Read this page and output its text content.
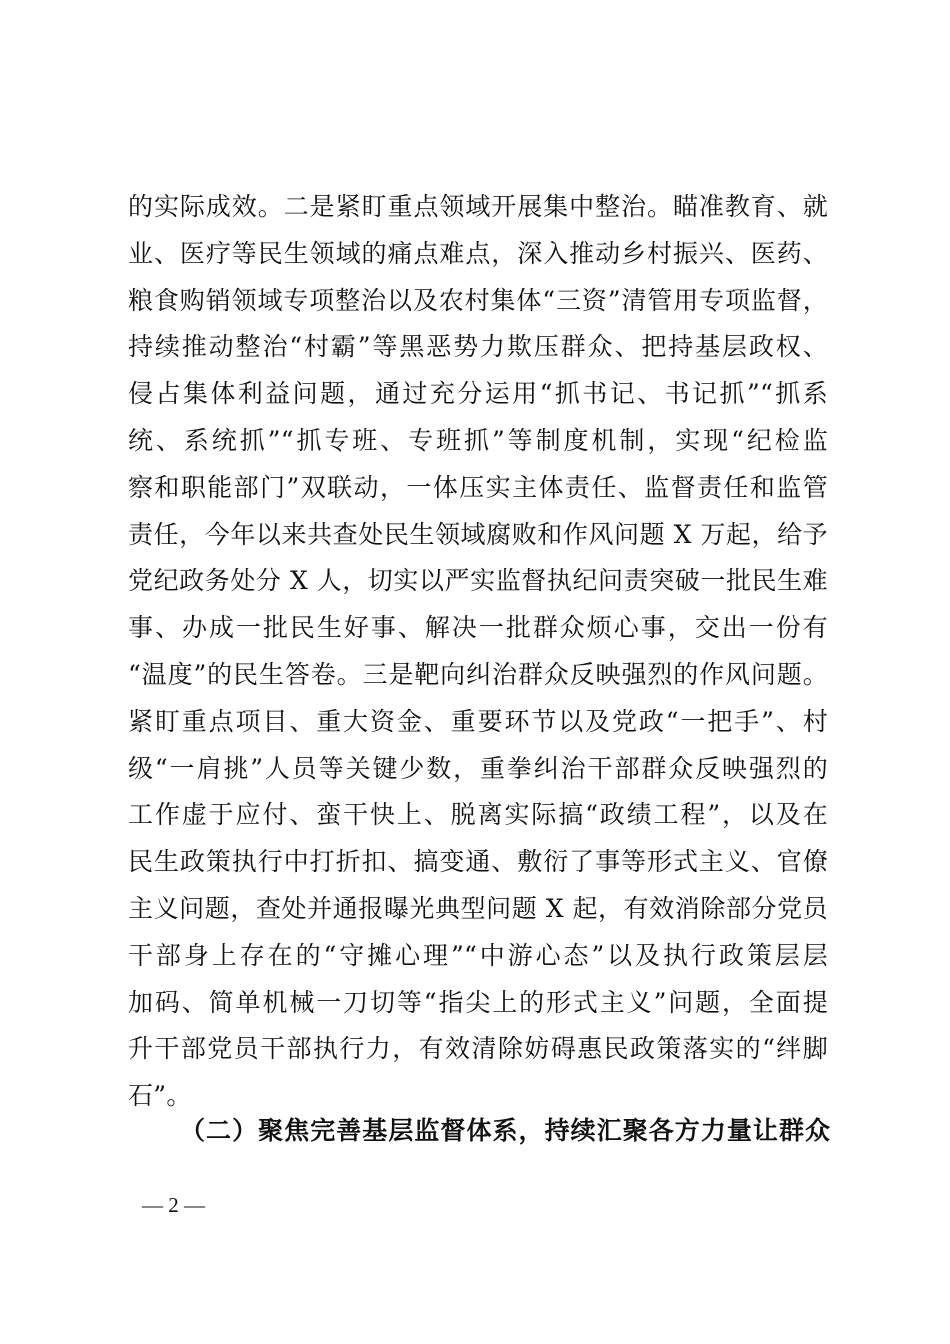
的实际成效。二是紧盯重点领域开展集中整治。瞄准教育、就
业、医疗等民生领域的痛点难点，深入推动乡村振兴、医药、
粮食购销领域专项整治以及农村集体“三资”清管用专项监督，
持续推动整治“村霸”等黑恶势力欺压群众、把持基层政权、
侵占集体利益问题，通过充分运用“抓书记、书记抓”“抓系
统、系统抓”“抓专班、专班抓”等制度机制，实现“纪检监
察和职能部门”双联动，一体压实主体责任、监督责任和监管
责任，今年以来共查处民生领域腐败和作风问题 X 万起，给予
党纪政务处分 X 人，切实以严实监督执纪问责突破一批民生难
事、办成一批民生好事、解决一批群众烦心事，交出一份有
“温度”的民生答卷。三是靶向纠治群众反映强烈的作风问题。
紧盯重点项目、重大资金、重要环节以及党政“一把手”、村
级“一肩挑”人员等关键少数，重拳纠治干部群众反映强烈的
工作虚于应付、蛮干快上、脱离实际搞“政绩工程”，以及在
民生政策执行中打折扣、搞变通、敷衍了事等形式主义、官僚
主义问题，查处并通报曝光典型问题 X 起，有效消除部分党员
干部身上存在的“守摊心理”“中游心态”以及执行政策层层
加码、简单机械一刀切等“指尖上的形式主义”问题，全面提
升干部党员干部执行力，有效清除妨碍惠民政策落实的“绊脚
石”。
（二）聚焦完善基层监督体系，持续汇聚各方力量让群众
— 2 —
